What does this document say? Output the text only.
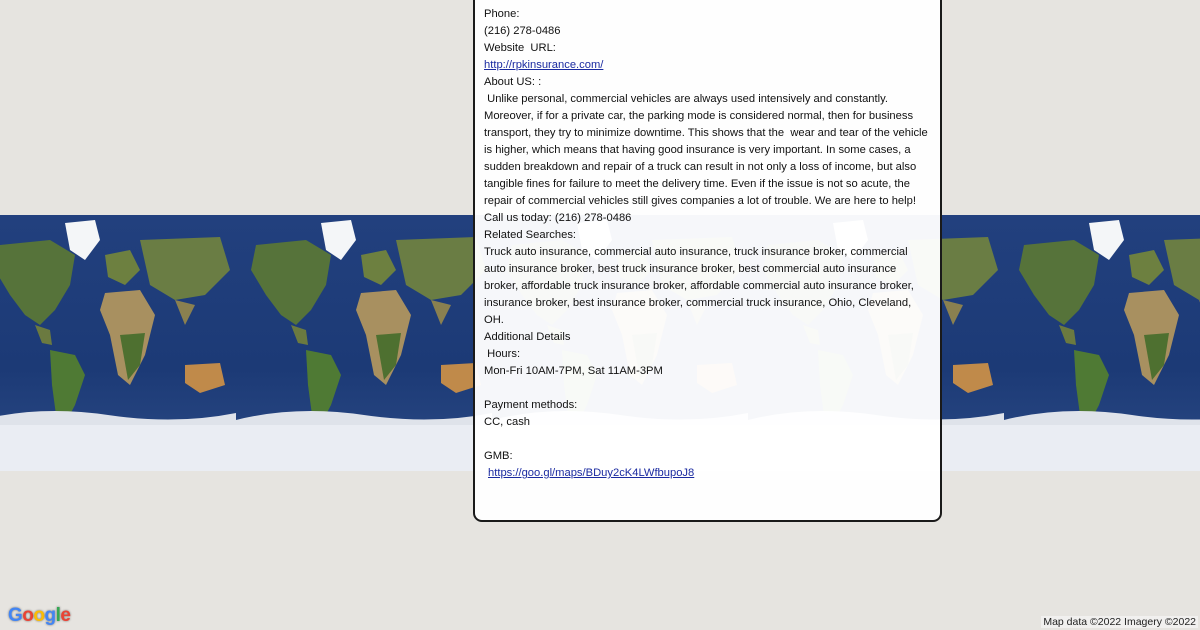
Phone:
(216) 278-0486
Website  URL:
http://rpkinsurance.com/
About US: :
Unlike personal, commercial vehicles are always used intensively and constantly. Moreover, if for a private car, the parking mode is considered normal, then for business transport, they try to minimize downtime. This shows that the  wear and tear of the vehicle is higher, which means that having good insurance is very important. In some cases, a sudden breakdown and repair of a truck can result in not only a loss of income, but also tangible fines for failure to meet the delivery time. Even if the issue is not so acute, the repair of commercial vehicles still gives companies a lot of trouble. We are here to help! Call us today: (216) 278-0486
Related Searches:
Truck auto insurance, commercial auto insurance, truck insurance broker, commercial auto insurance broker, best truck insurance broker, best commercial auto insurance broker, affordable truck insurance broker, affordable commercial auto insurance broker, insurance broker, best insurance broker, commercial truck insurance, Ohio, Cleveland, OH.
Additional Details
Hours:
Mon-Fri 10AM-7PM, Sat 11AM-3PM
Payment methods:
CC, cash
GMB:
https://goo.gl/maps/BDuy2cK4LWfbupoJ8
Google	Map data ©2022 Imagery ©2022
